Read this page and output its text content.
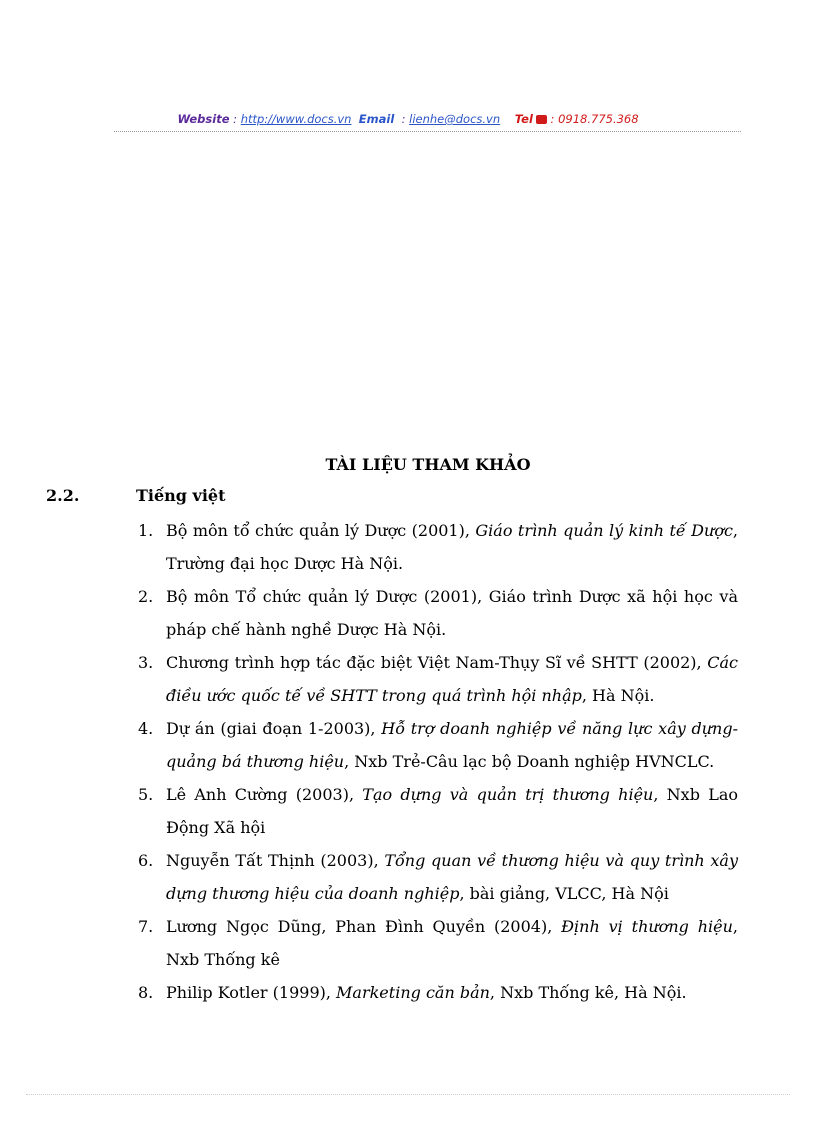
Website : http://www.docs.vn Email  : lienhe@docs.vn Tel : 0918.775.368
TÀI LIỆU THAM KHẢO
2.2.	Tiếng việt
1. Bộ môn tổ chức quản lý Dược (2001), Giáo trình quản lý kinh tế Dược, Trường đại học Dược Hà Nội.
2. Bộ môn Tổ chức quản lý Dược (2001), Giáo trình Dược xã hội học và pháp chế hành nghề Dược Hà Nội.
3. Chương trình hợp tác đặc biệt Việt Nam-Thụy Sĩ về SHTT (2002), Các điều ước quốc tế về SHTT trong quá trình hội nhập, Hà Nội.
4. Dự án (giai đoạn 1-2003), Hỗ trợ doanh nghiệp về năng lực xây dựng-quảng bá thương hiệu, Nxb Trẻ-Câu lạc bộ Doanh nghiệp HVNCLC.
5. Lê Anh Cường (2003), Tạo dựng và quản trị thương hiệu, Nxb Lao Động Xã hội
6. Nguyễn Tất Thịnh (2003), Tổng quan về thương hiệu và quy trình xây dựng thương hiệu của doanh nghiệp, bài giảng, VLCC, Hà Nội
7. Lương Ngọc Dũng, Phan Đình Quyền (2004), Định vị thương hiệu, Nxb Thống kê
8. Philip Kotler (1999), Marketing căn bản, Nxb Thống kê, Hà Nội.
